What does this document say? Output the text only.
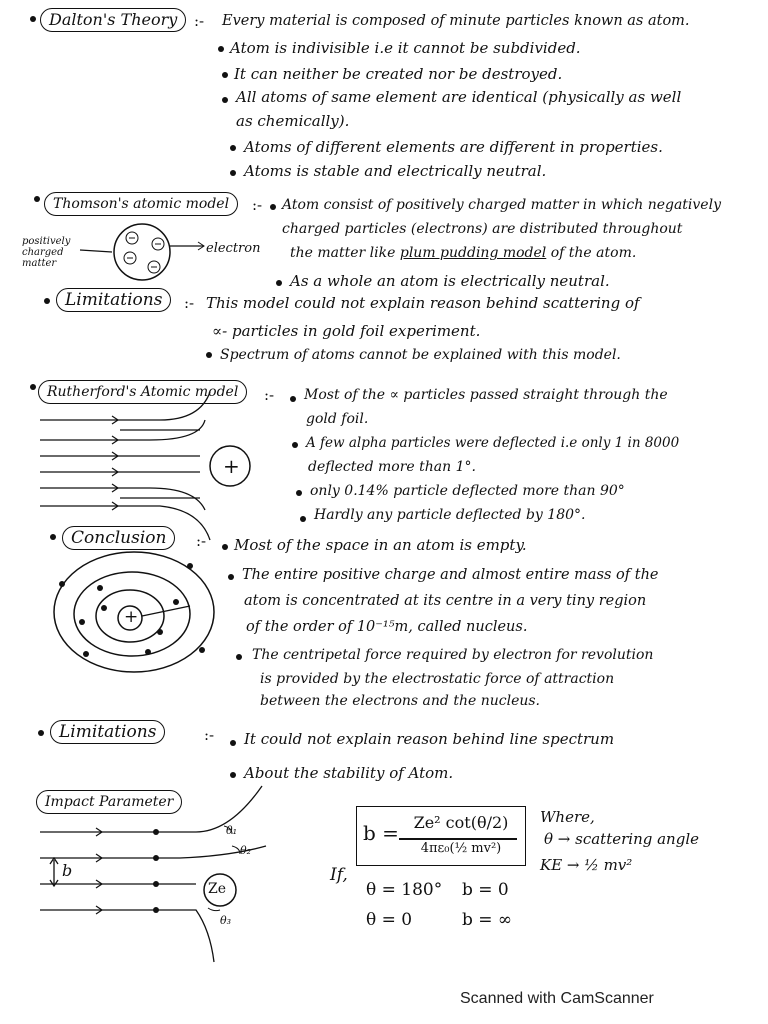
Dalton's Theory	:- Every material is composed of minute particles known as atom.
Atom is indivisible i.e it cannot be subdivided.
It can neither be created nor be destroyed.
All atoms of same element are identical (physically as well
as chemically).
Atoms of different elements are different in properties.
Atoms is stable and electrically neutral.
Thomson's atomic model	:- Atom consist of positively charged matter in which negatively
charged particles (electrons) are distributed throughout
the matter like plum pudding model of the atom.
As a whole an atom is electrically neutral.
positively charged matter
electron
Limitations	:- This model could not explain reason behind scattering of
∝- particles in gold foil experiment.
Spectrum of atoms cannot be explained with this model.
Rutherford's Atomic model	:- Most of the ∝ particles passed straight through the
gold foil.
A few alpha particles were deflected i.e only 1 in 8000
deflected more than 1°.
only 0.14% particle deflected more than 90°
Hardly any particle deflected by 180°.
+
Conclusion	:- Most of the space in an atom is empty.
The entire positive charge and almost entire mass of the
atom is concentrated at its centre in a very tiny region
of the order of 10⁻¹⁵m, called nucleus.
The centripetal force required by electron for revolution
is provided by the electrostatic force of attraction
between the electrons and the nucleus.
+
Limitations	:- It could not explain reason behind line spectrum
About the stability of Atom.
Impact Parameter
b
Ze
θ₁
θ₂
θ₃
b = Ze² cot(θ/2)
4πε₀(½ mv²)
Where,
θ → scattering angle
KE → ½ mv²
If,
θ = 180° b = 0
θ = 0	b = ∞
Scanned with CamScanner
